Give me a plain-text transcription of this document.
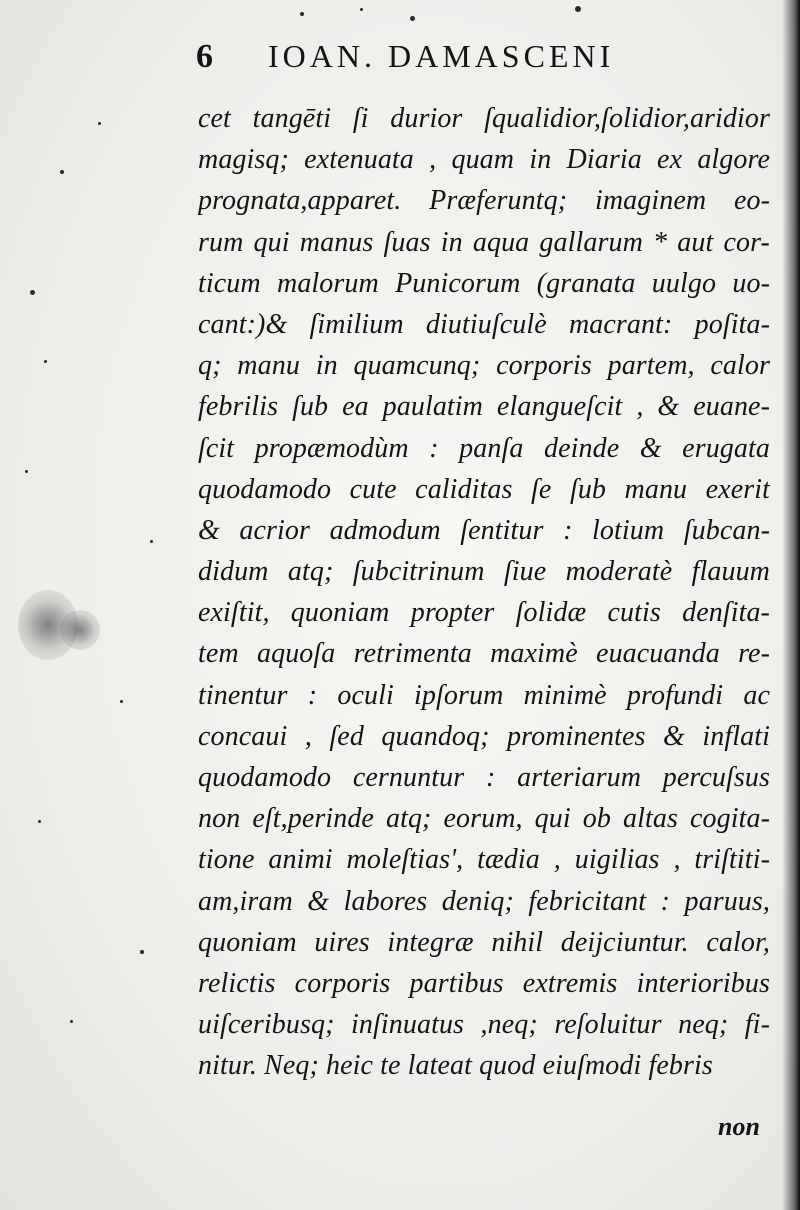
6	IOAN. DAMASCENI
cet tangēti ſi durior ſqualidior,ſolidior,aridior
magisq; extenuata , quam in Diaria ex algore
prognata,apparet. Præferuntq; imaginem eo-
rum qui manus ſuas in aqua gallarum * aut cor-
ticum malorum Punicorum (granata uulgo uo-
cant:)& ſimilium diutiuſculè macrant: poſita-
q; manu in quamcunq; corporis partem, calor
febrilis ſub ea paulatim elangueſcit , & euane-
ſcit propæmodùm : panſa deinde & erugata
quodamodo cute caliditas ſe ſub manu exerit
& acrior admodum ſentitur : lotium ſubcan-
didum atq; ſubcitrinum ſiue moderatè flauum
exiſtit, quoniam propter ſolidæ cutis denſita-
tem aquoſa retrimenta maximè euacuanda re-
tinentur : oculi ipſorum minimè profundi ac
concaui , ſed quandoq; prominentes & inflati
quodamodo cernuntur : arteriarum percuſsus
non eſt,perinde atq; eorum, qui ob altas cogita-
tione animi moleſtias', tædia , uigilias , triſtiti-
am,iram & labores deniq; febricitant : paruus,
quoniam uires integræ nihil deijciuntur. calor,
relictis corporis partibus extremis interioribus
uiſceribusq; inſinuatus ,neq; reſoluitur neq; fi-
nitur. Neq; heic te lateat quod eiuſmodi febris
non
